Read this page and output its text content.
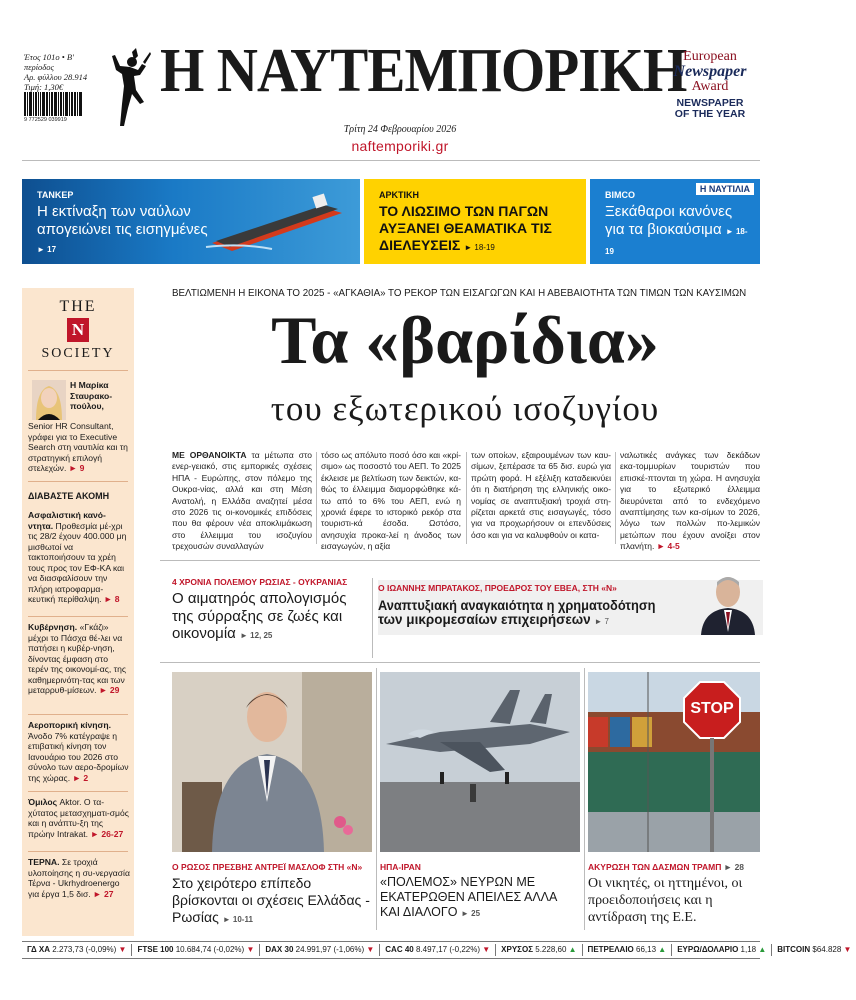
Έτος 101ο • Β' περίοδος
Αρ. φύλλου 28.914
Τιμή: 1,30€
9 772529 039919
Η ΝΑΥΤΕΜΠΟΡΙΚΗ
Τρίτη 24 Φεβρουαρίου 2026
naftemporiki.gr
European
Newspaper
Award
NEWSPAPER
OF THE YEAR
ΤΑΝΚΕΡ
Η εκτίναξη των ναύλων απογειώνει τις εισηγμένες ► 17
ΑΡΚΤΙΚΗ
ΤΟ ΛΙΩΣΙΜΟ ΤΩΝ ΠΑΓΩΝ ΑΥΞΑΝΕΙ ΘΕΑΜΑΤΙΚΑ ΤΙΣ ΔΙΕΛΕΥΣΕΙΣ ► 18-19
BIMCO
Η ΝΑΥΤΙΛΙΑ
Ξεκάθαροι κανόνες για τα βιοκαύσιμα ► 18-19
THE
N
SOCIETY
Η Μαρίκα Σταυρακο-πούλου,
Senior HR Consultant, γράφει για το Executive Search στη ναυτιλία και τη στρατηγική επιλογή στελεχών. ► 9
ΔΙΑΒΑΣΤΕ ΑΚΟΜΗ
Ασφαλιστική κανό-ντητα. Προθεσμία μέ-χρι τις 28/2 έχουν 400.000 μη μισθωτοί να τακτοποιήσουν τα χρέη τους προς τον ΕΦ-ΚΑ και να διασφαλίσουν την πλήρη ιατροφαρμα-κευτική περίθαλψη. ► 8
Κυβέρνηση. «Γκάζι» μέχρι το Πάσχα θέ-λει να πατήσει η κυβέρ-νηση, δίνοντας έμφαση στο τερέν της οικονομί-ας, της καθημερινότη-τας και των μεταρρυθ-μίσεων. ► 29
Αεροπορική κίνηση. Άνοδο 7% κατέγραψε η επιβατική κίνηση τον Ιανουάριο του 2026 στο σύνολο των αερο-δρομίων της χώρας. ► 2
Όμιλος Aktor. Ο τα-χύτατος μετασχηματι-σμός και η ανάπτυ-ξη της πρώην Intrakat. ► 26-27
ΤΕΡΝΑ. Σε τροχιά υλοποίησης η συ-νεργασία Τέρνα - Ukrhydroenergo για έργα 1,5 δισ. ► 27
ΒΕΛΤΙΩΜΕΝΗ Η ΕΙΚΟΝΑ ΤΟ 2025 - «ΑΓΚΑΘΙΑ» ΤΟ ΡΕΚΟΡ ΤΩΝ ΕΙΣΑΓΩΓΩΝ ΚΑΙ Η ΑΒΕΒΑΙΟΤΗΤΑ ΤΩΝ ΤΙΜΩΝ ΤΩΝ ΚΑΥΣΙΜΩΝ
Τα «βαρίδια»
του εξωτερικού ισοζυγίου
ΜΕ ΟΡΘΑΝΟΙΚΤΑ τα μέτωπα στο ενερ-γειακό, στις εμπορικές σχέσεις ΗΠΑ - Ευρώπης, στον πόλεμο της Ουκρα-νίας, αλλά και στη Μέση Ανατολή, η Ελλάδα αναζητεί μέσα στο 2026 τις οι-κονομικές επιδόσεις που θα φέρουν νέα αποκλιμάκωση στο έλλειμμα του ισοζυγίου τρεχουσών συναλλαγών
τόσο ως απόλυτο ποσό όσο και «κρί-σιμο» ως ποσοστό του ΑΕΠ. Το 2025 έκλεισε με βελτίωση των δεικτών, κα-θώς το έλλειμμα διαμορφώθηκε κά-τω από το 6% του ΑΕΠ, ενώ η χρονιά έφερε το ιστορικό ρεκόρ στα τουριστι-κά έσοδα. Ωστόσο, ανησυχία προκα-λεί η άνοδος των εισαγωγών, η αξία
των οποίων, εξαιρουμένων των καυ-σίμων, ξεπέρασε τα 65 δισ. ευρώ για πρώτη φορά. Η εξέλιξη καταδεικνύει ότι η διατήρηση της ελληνικής οικο-νομίας σε αναπτυξιακή τροχιά στη-ρίζεται αρκετά στις εισαγωγές, τόσο για να προχωρήσουν οι επενδύσεις όσο και για να καλυφθούν οι κατα-
ναλωτικές ανάγκες των δεκάδων εκα-τομμυρίων τουριστών που επισκέ-πτονται τη χώρα. Η ανησυχία για το εξωτερικό έλλειμμα διευρύνεται από το ενδεχόμενο αναπτίμησης των κα-σίμων το 2026, λόγω των πολλών πο-λεμικών μετώπων που έχουν ανοίξει στον πλανήτη. ► 4-5
4 ΧΡΟΝΙΑ ΠΟΛΕΜΟΥ ΡΩΣΙΑΣ - ΟΥΚΡΑΝΙΑΣ
Ο αιματηρός απολογισμός της σύρραξης σε ζωές και οικονομία ► 12, 25
Ο ΙΩΑΝΝΗΣ ΜΠΡΑΤΑΚΟΣ, ΠΡΟΕΔΡΟΣ ΤΟΥ ΕΒΕΑ, ΣΤΗ «Ν»
Αναπτυξιακή αναγκαιότητα η χρηματοδότηση
των μικρομεσαίων επιχειρήσεων ► 7
STOP
Ο ΡΩΣΟΣ ΠΡΕΣΒΗΣ ΑΝΤΡΕΪ ΜΑΣΛΟΦ ΣΤΗ «Ν»
Στο χειρότερο επίπεδο βρίσκονται οι σχέσεις Ελλάδας - Ρωσίας ► 10-11
ΗΠΑ-ΙΡΑΝ
«ΠΟΛΕΜΟΣ» ΝΕΥΡΩΝ ΜΕ ΕΚΑΤΕΡΩΘΕΝ ΑΠΕΙΛΕΣ ΑΛΛΑ ΚΑΙ ΔΙΑΛΟΓΟ ► 25
ΑΚΥΡΩΣΗ ΤΩΝ ΔΑΣΜΩΝ ΤΡΑΜΠ ► 28
Οι νικητές, οι ηττημένοι, οι προειδοποιήσεις και η αντίδραση της Ε.Ε.
ΓΔ ΧΑ 2.273,73 (-0,09%) ▼	FTSE 100 10.684,74 (-0,02%) ▼	DAX 30 24.991,97 (-1,06%) ▼	CAC 40 8.497,17 (-0,22%) ▼	ΧΡΥΣΟΣ 5.228,60 ▲	ΠΕΤΡΕΛΑΙΟ 66,13 ▲	ΕΥΡΩ/ΔΟΛΑΡΙΟ 1,18 ▲	BITCOIN $64.828 ▼
